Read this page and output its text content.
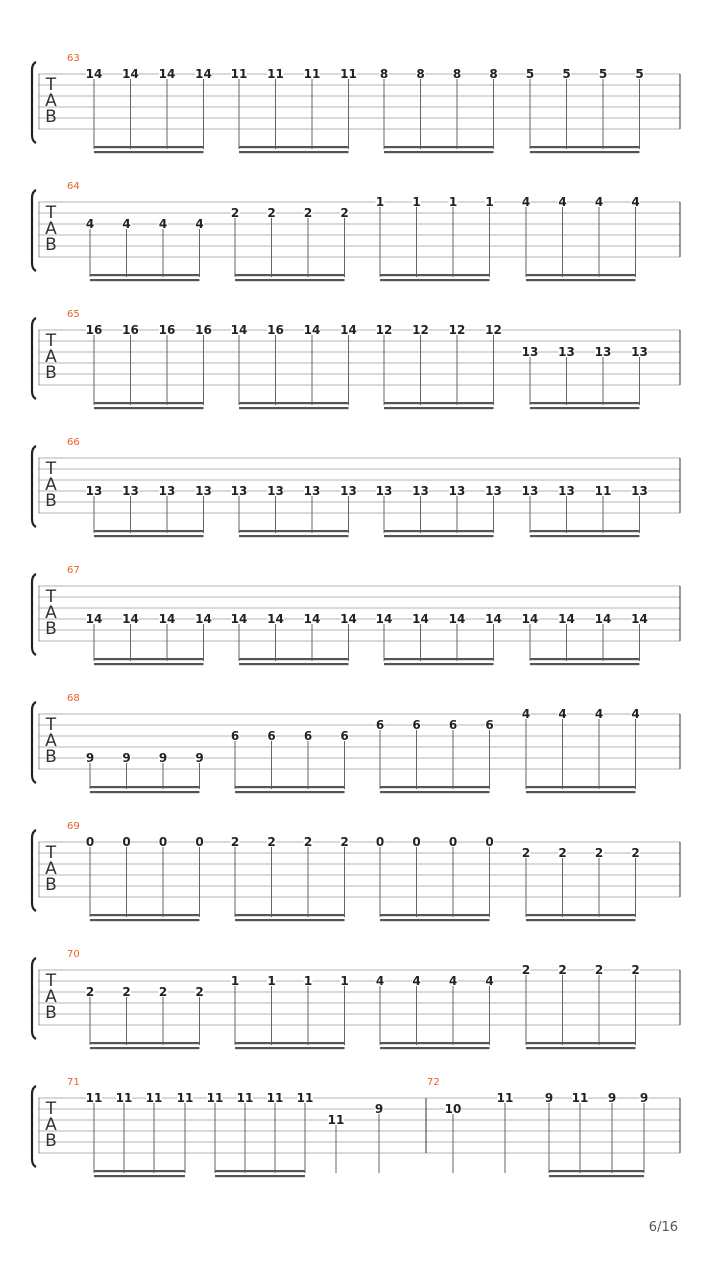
T
A
B
63
14 14 14 14 11 11 11 11 8 8 8 8 5 5 5 5
T
A
B
64
4 4 4 4
2 2 2 2
1 1 1 1 4 4 4 4
T
A
B
65
16 16 16 16 14 16 14 14 12 12 12 12
13 13 13 13
T
A
B
66
13 13 13 13 13 13 13 13 13 13 13 13 13 13 11 13
T
A
B
67
14 14 14 14 14 14 14 14 14 14 14 14 14 14 14 14
T
A
B
68
9 9 9 9
6 6 6 6
6 6 6 6
4 4 4 4
T
A
B
69
0 0 0 0 2 2 2 2 0 0 0 0
2 2 2 2
T
A
B
70
2 2 2 2
1 1 1 1 4 4 4 4
2 2 2 2
T
A
B
71
11 11 11 11 11 11 11 11
11
9
72
10
11	9 11 9 9
6/16
